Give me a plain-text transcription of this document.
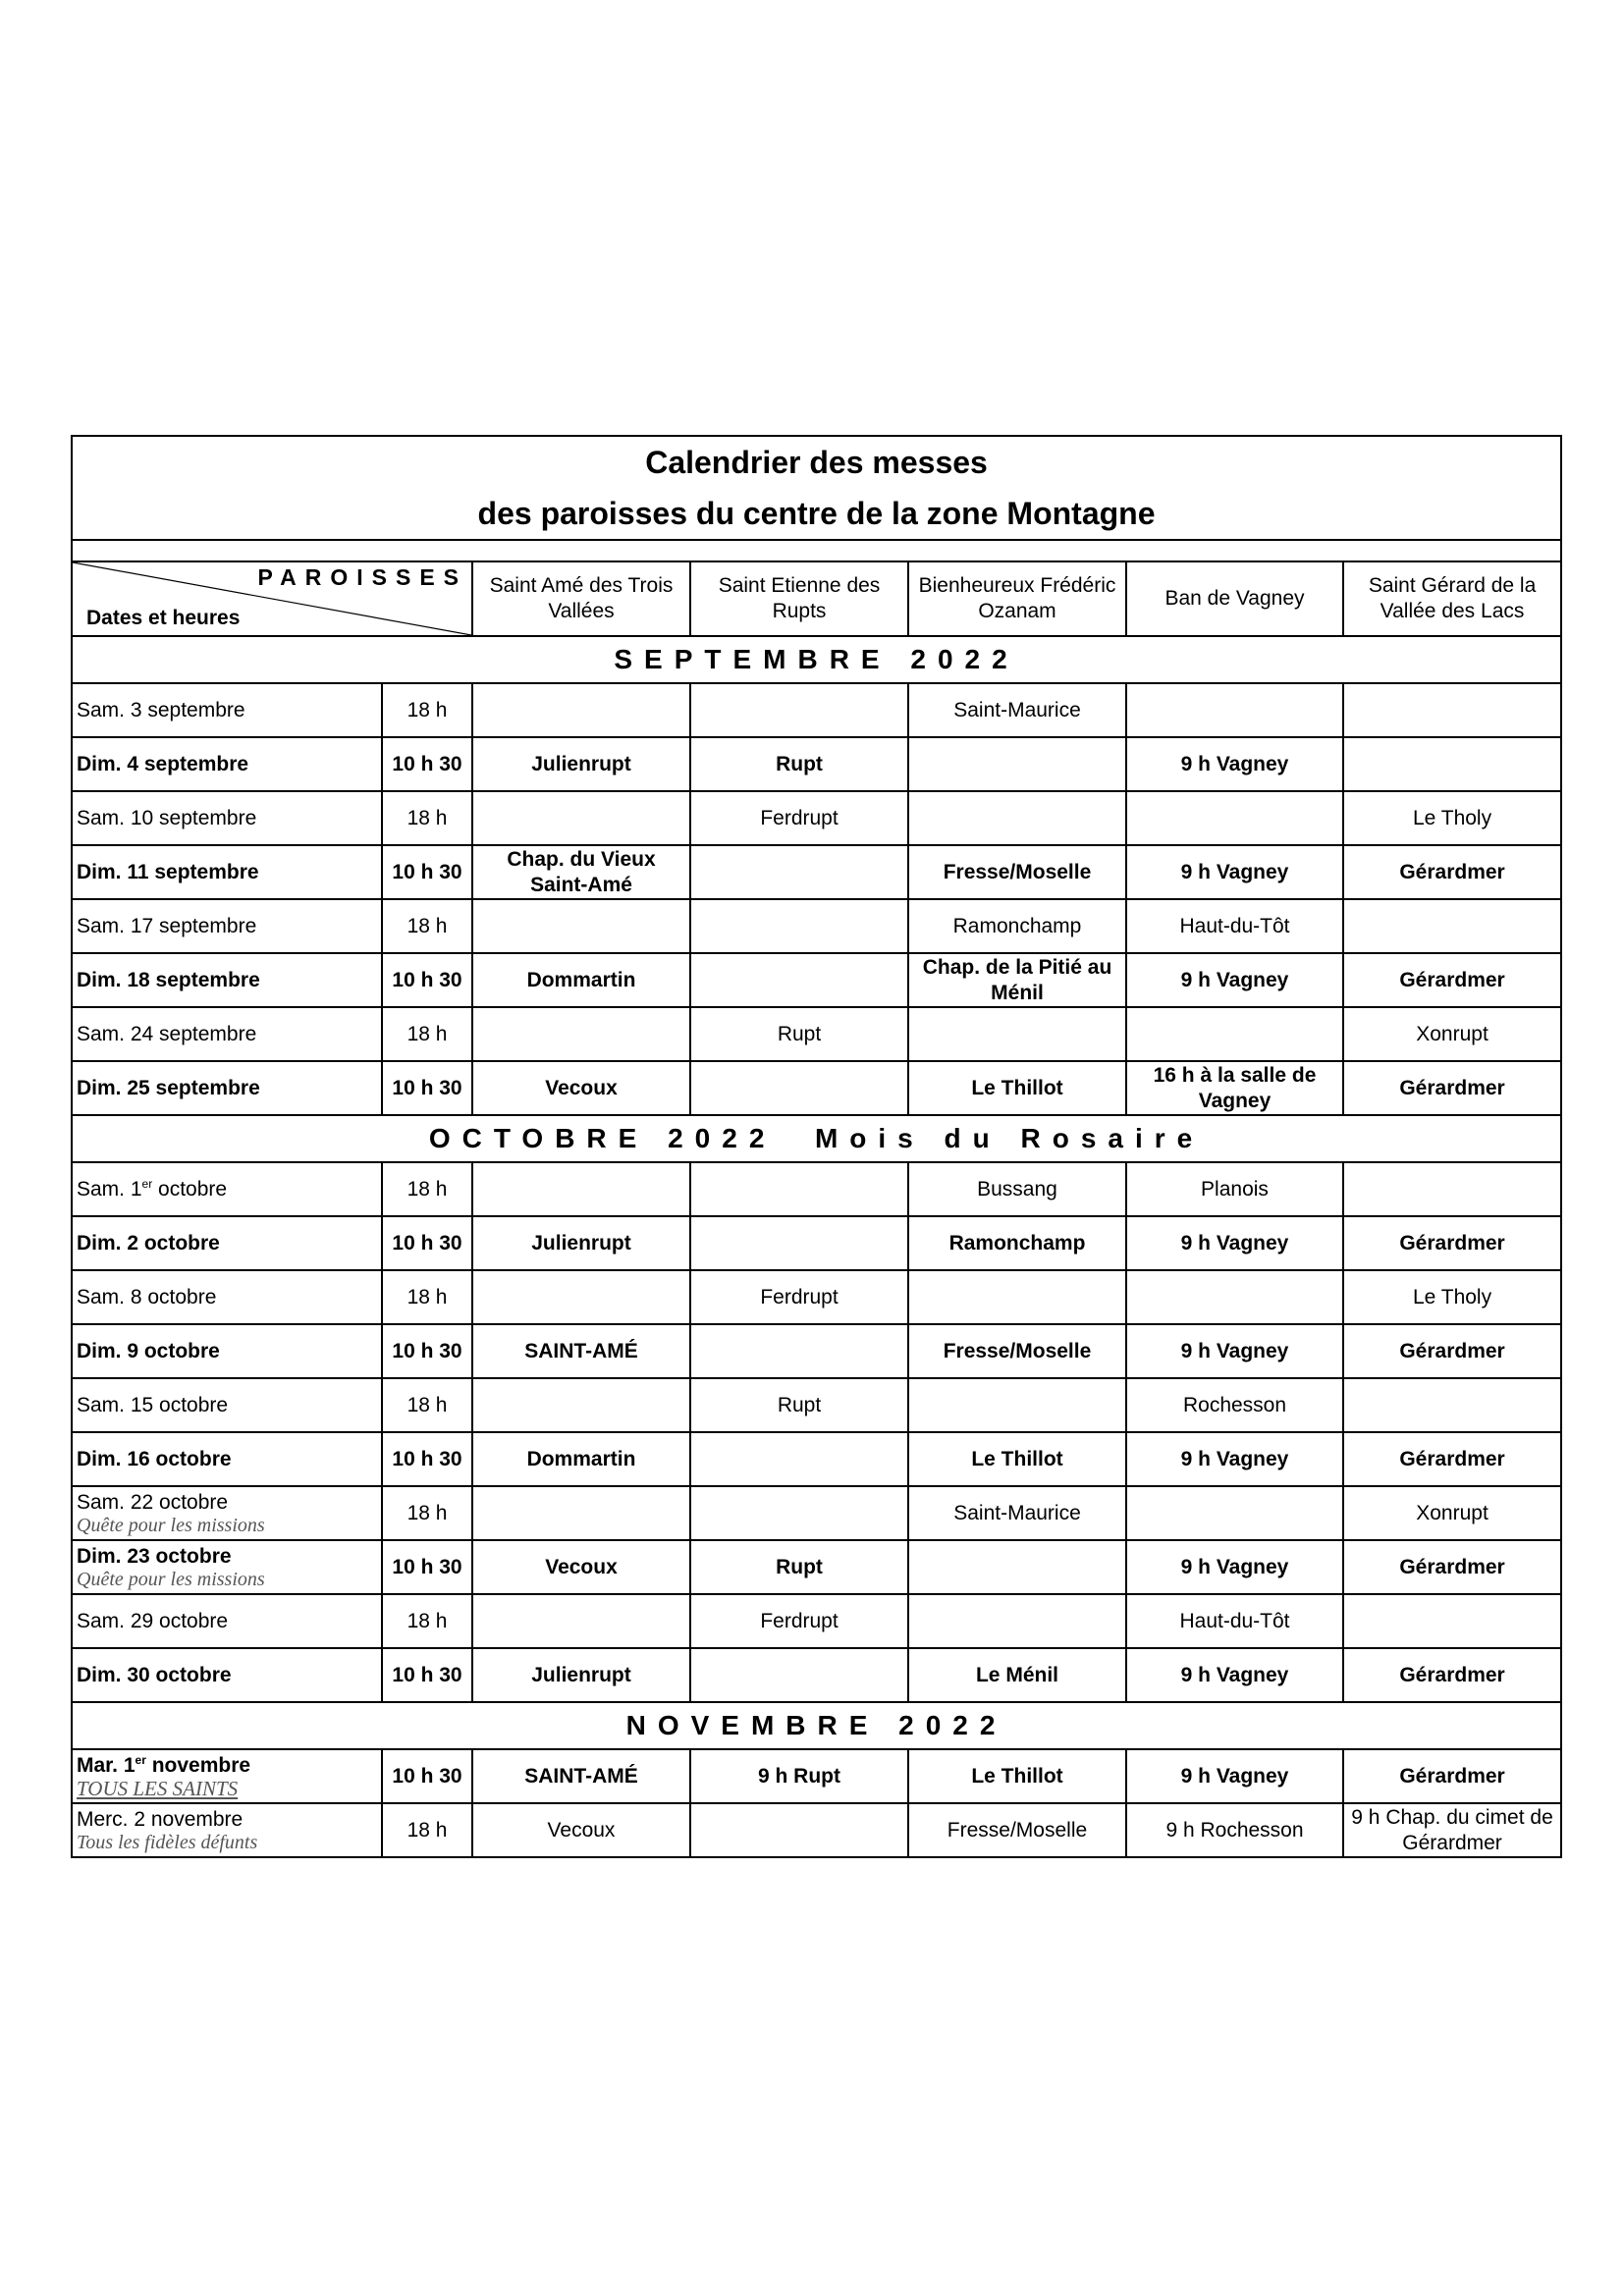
Calendrier des messes
des paroisses du centre de la zone Montagne						

PAROISSES
Dates et heures		Saint Amé des Trois Vallées	Saint Etienne des Rupts	Bienheureux Frédéric Ozanam	Ban de Vagney	Saint Gérard de la Vallée des Lacs
SEPTEMBRE 2022						

Sam. 3 septembre	18 h			Saint-Maurice		

Dim. 4 septembre	10 h 30	Julienrupt	Rupt		9 h Vagney	

Sam. 10 septembre	18 h		Ferdrupt			Le Tholy

Dim. 11 septembre	10 h 30	Chap. du Vieux Saint-Amé		Fresse/Moselle	9 h Vagney	Gérardmer

Sam. 17 septembre	18 h			Ramonchamp	Haut-du-Tôt	

Dim. 18 septembre	10 h 30	Dommartin		Chap. de la Pitié au Ménil	9 h Vagney	Gérardmer

Sam. 24 septembre	18 h		Rupt			Xonrupt

Dim. 25 septembre	10 h 30	Vecoux		Le Thillot	16 h à la salle de Vagney	Gérardmer
OCTOBRE 2022  Mois du Rosaire						

Sam. 1er octobre	18 h			Bussang	Planois	

Dim. 2 octobre	10 h 30	Julienrupt		Ramonchamp	9 h Vagney	Gérardmer

Sam. 8 octobre	18 h		Ferdrupt			Le Tholy

Dim. 9 octobre	10 h 30	SAINT-AMÉ		Fresse/Moselle	9 h Vagney	Gérardmer

Sam. 15 octobre	18 h		Rupt		Rochesson	

Dim. 16 octobre	10 h 30	Dommartin		Le Thillot	9 h Vagney	Gérardmer

Sam. 22 octobre
Quête pour les missions	18 h			Saint-Maurice		Xonrupt

Dim. 23 octobre
Quête pour les missions	10 h 30	Vecoux	Rupt		9 h Vagney	Gérardmer

Sam. 29 octobre	18 h		Ferdrupt		Haut-du-Tôt	

Dim. 30 octobre	10 h 30	Julienrupt		Le Ménil	9 h Vagney	Gérardmer
NOVEMBRE 2022						

Mar. 1er novembre
TOUS LES SAINTS	10 h 30	SAINT-AMÉ	9 h Rupt	Le Thillot	9 h Vagney	Gérardmer

Merc. 2 novembre
Tous les fidèles défunts	18 h	Vecoux		Fresse/Moselle	9 h Rochesson	9 h Chap. du cimet de Gérardmer
